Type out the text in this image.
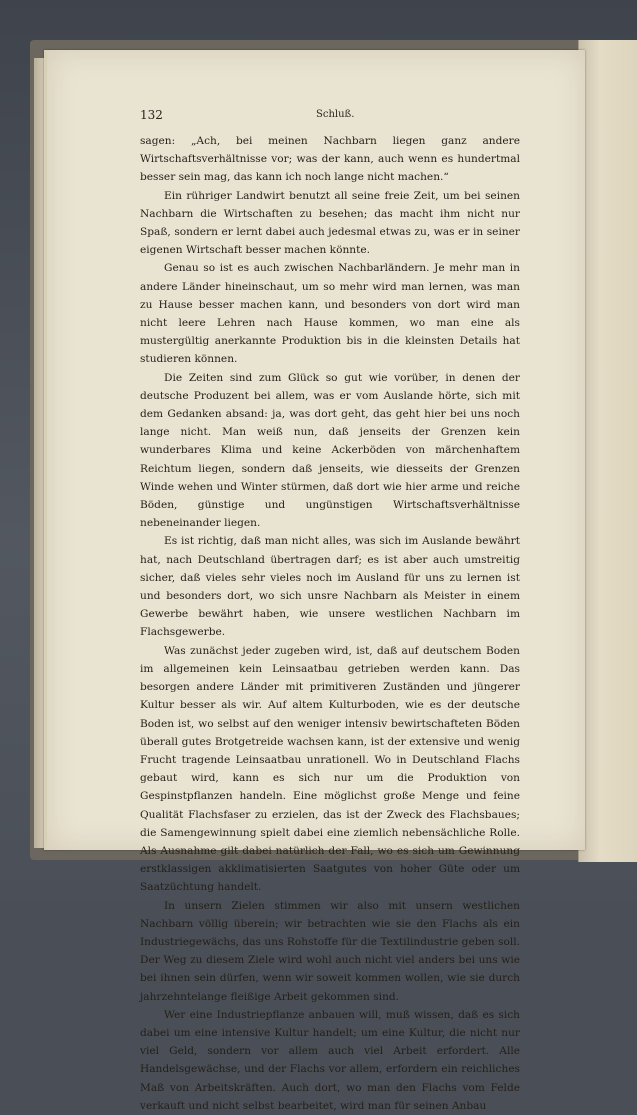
132	Schluß.

sagen: „Ach, bei meinen Nachbarn liegen ganz andere Wirtschaftsverhältnisse vor; was der kann, auch wenn es hundertmal besser sein mag, das kann ich noch lange nicht machen.“

Ein rühriger Landwirt benutzt all seine freie Zeit, um bei seinen Nachbarn die Wirtschaften zu besehen; das macht ihm nicht nur Spaß, sondern er lernt dabei auch jedesmal etwas zu, was er in seiner eigenen Wirtschaft besser machen könnte.

Genau so ist es auch zwischen Nachbarländern. Je mehr man in andere Länder hineinschaut, um so mehr wird man lernen, was man zu Hause besser machen kann, und besonders von dort wird man nicht leere Lehren nach Hause kommen, wo man eine als mustergültig anerkannte Produktion bis in die kleinsten Details hat studieren können.

Die Zeiten sind zum Glück so gut wie vorüber, in denen der deutsche Produzent bei allem, was er vom Auslande hörte, sich mit dem Gedanken absand: ja, was dort geht, das geht hier bei uns noch lange nicht. Man weiß nun, daß jenseits der Grenzen kein wunderbares Klima und keine Ackerböden von märchenhaftem Reichtum liegen, sondern daß jenseits, wie diesseits der Grenzen Winde wehen und Winter stürmen, daß dort wie hier arme und reiche Böden, günstige und ungünstigen Wirtschaftsverhältnisse nebeneinander liegen.

Es ist richtig, daß man nicht alles, was sich im Auslande bewährt hat, nach Deutschland übertragen darf; es ist aber auch umstreitig sicher, daß vieles sehr vieles noch im Ausland für uns zu lernen ist und besonders dort, wo sich unsre Nachbarn als Meister in einem Gewerbe bewährt haben, wie unsere westlichen Nachbarn im Flachsgewerbe.

Was zunächst jeder zugeben wird, ist, daß auf deutschem Boden im allgemeinen kein Leinsaatbau getrieben werden kann. Das besorgen andere Länder mit primitiveren Zuständen und jüngerer Kultur besser als wir. Auf altem Kulturboden, wie es der deutsche Boden ist, wo selbst auf den weniger intensiv bewirtschafteten Böden überall gutes Brotgetreide wachsen kann, ist der extensive und wenig Frucht tragende Leinsaatbau unrationell. Wo in Deutschland Flachs gebaut wird, kann es sich nur um die Produktion von Gespinstpflanzen handeln. Eine möglichst große Menge und feine Qualität Flachsfaser zu erzielen, das ist der Zweck des Flachsbaues; die Samengewinnung spielt dabei eine ziemlich nebensächliche Rolle. Als Ausnahme gilt dabei natürlich der Fall, wo es sich um Gewinnung erstklassigen akklimatisierten Saatgutes von hoher Güte oder um Saatzüchtung handelt.

In unsern Zielen stimmen wir also mit unsern westlichen Nachbarn völlig überein; wir betrachten wie sie den Flachs als ein Industriegewächs, das uns Rohstoffe für die Textilindustrie geben soll. Der Weg zu diesem Ziele wird wohl auch nicht viel anders bei uns wie bei ihnen sein dürfen, wenn wir soweit kommen wollen, wie sie durch jahrzehntelange fleißige Arbeit gekommen sind.

Wer eine Industriepflanze anbauen will, muß wissen, daß es sich dabei um eine intensive Kultur handelt; um eine Kultur, die nicht nur viel Geld, sondern vor allem auch viel Arbeit erfordert. Alle Handelsgewächse, und der Flachs vor allem, erfordern ein reichliches Maß von Arbeitskräften. Auch dort, wo man den Flachs vom Felde verkauft und nicht selbst bearbeitet, wird man für seinen Anbau
